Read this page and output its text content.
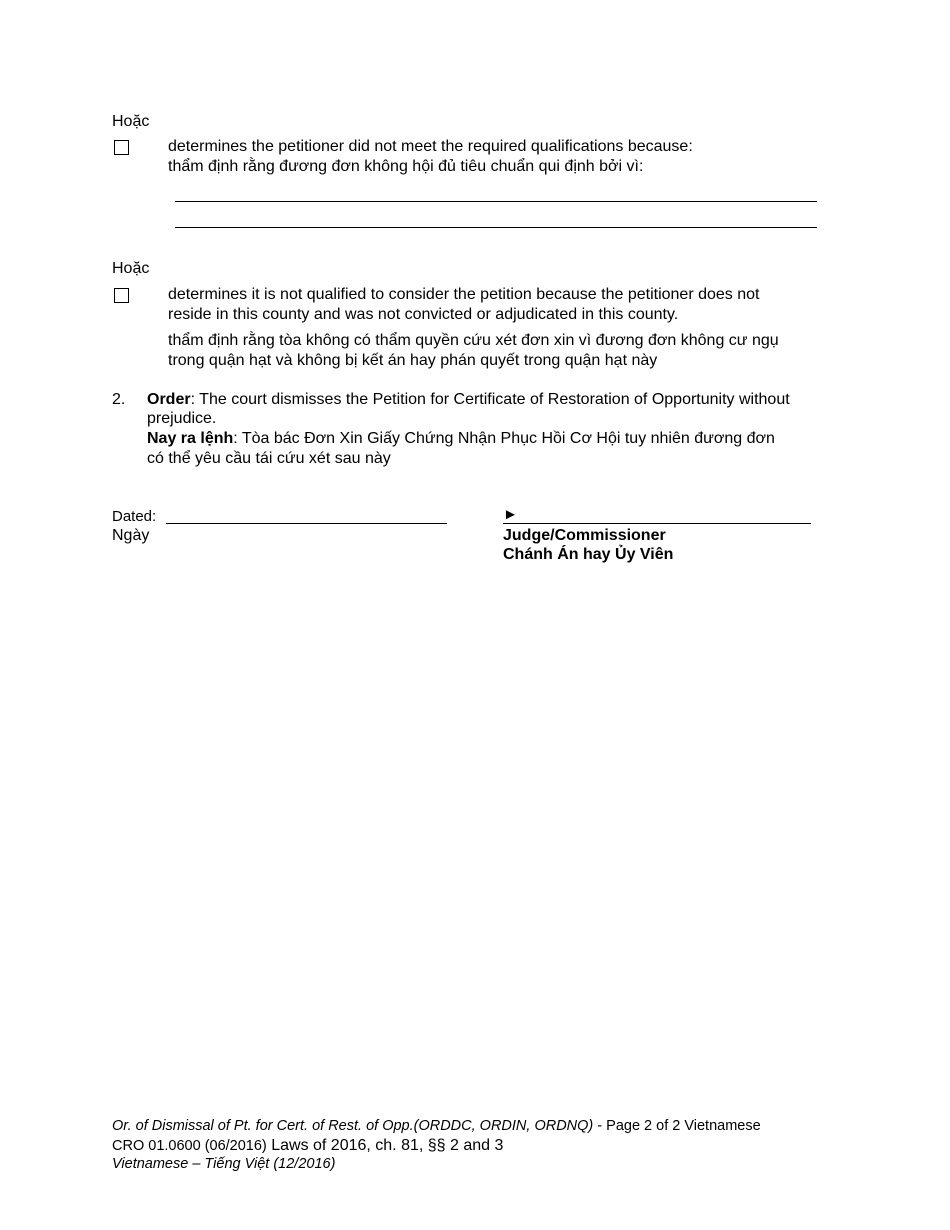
Hoặc
determines the petitioner did not meet the required qualifications because:
thẩm định rằng đương đơn không hội đủ tiêu chuẩn qui định bởi vì:
Hoặc
determines it is not qualified to consider the petition because the petitioner does not
reside in this county and was not convicted or adjudicated in this county.
thẩm định rằng tòa không có thẩm quyền cứu xét đơn xin vì đương đơn không cư ngụ
trong quận hạt và không bị kết án hay phán quyết trong quận hạt này
2. Order: The court dismisses the Petition for Certificate of Restoration of Opportunity without
prejudice.
Nay ra lệnh: Tòa bác Đơn Xin Giấy Chứng Nhận Phục Hồi Cơ Hội tuy nhiên đương đơn
có thể yêu cầu tái cứu xét sau này
Dated:
Ngày
►
Judge/Commissioner
Chánh Án hay Ủy Viên
Or. of Dismissal of Pt. for Cert. of Rest. of Opp.(ORDDC, ORDIN, ORDNQ) - Page 2 of 2 Vietnamese
CRO 01.0600 (06/2016) Laws of 2016, ch. 81, §§ 2 and 3
Vietnamese – Tiếng Việt (12/2016)
